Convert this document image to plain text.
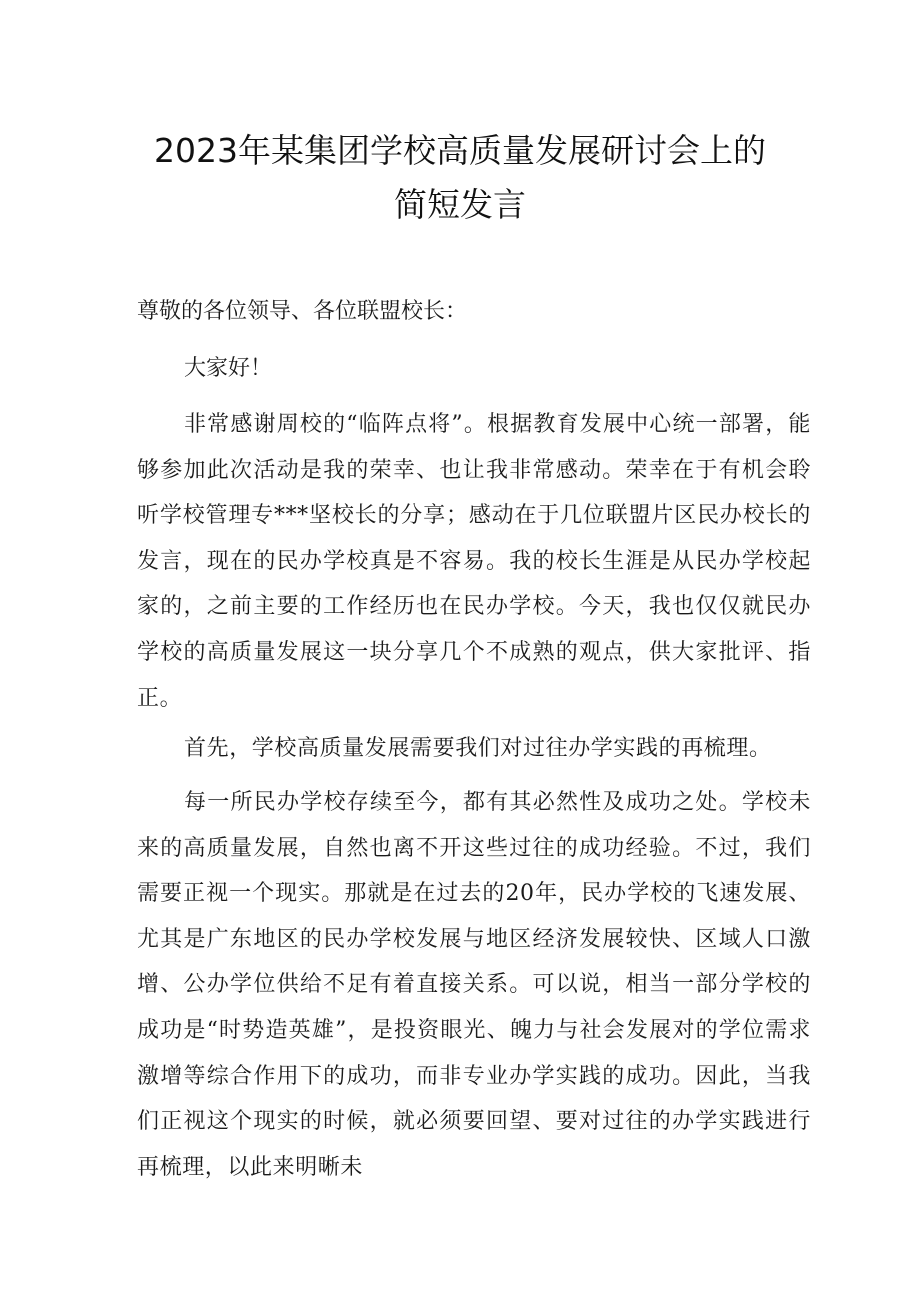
2023年某集团学校高质量发展研讨会上的
简短发言

尊敬的各位领导、各位联盟校长：

大家好！

非常感谢周校的“临阵点将”。根据教育发展中心统一部署，能够参加此次活动是我的荣幸、也让我非常感动。荣幸在于有机会聆听学校管理专***坚校长的分享；感动在于几位联盟片区民办校长的发言，现在的民办学校真是不容易。我的校长生涯是从民办学校起家的，之前主要的工作经历也在民办学校。今天，我也仅仅就民办学校的高质量发展这一块分享几个不成熟的观点，供大家批评、指正。

首先，学校高质量发展需要我们对过往办学实践的再梳理。

每一所民办学校存续至今，都有其必然性及成功之处。学校未来的高质量发展，自然也离不开这些过往的成功经验。不过，我们需要正视一个现实。那就是在过去的20年，民办学校的飞速发展、尤其是广东地区的民办学校发展与地区经济发展较快、区域人口激增、公办学位供给不足有着直接关系。可以说，相当一部分学校的成功是“时势造英雄”，是投资眼光、魄力与社会发展对的学位需求激增等综合作用下的成功，而非专业办学实践的成功。因此，当我们正视这个现实的时候，就必须要回望、要对过往的办学实践进行再梳理，以此来明晰未
